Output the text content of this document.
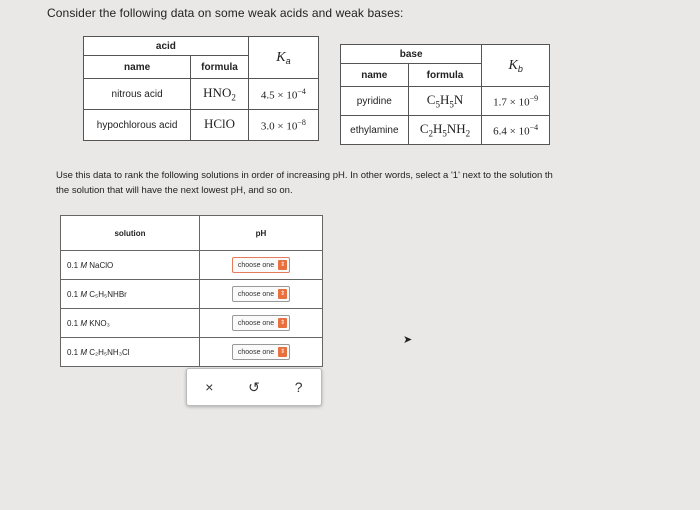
Consider the following data on some weak acids and weak bases:
acid		$K_a$
name	formula	
nitrous acid	$HNO_2$	$4.5 \times 10^{-4}$
hypochlorous acid	HClO	$3.0 \times 10^{-8}$
base		$K_b$
name	formula	
pyridine	$C_5H_5N$	$1.7 \times 10^{-9}$
ethylamine	$C_2H_5NH_2$	$6.4 \times 10^{-4}$
Use this data to rank the following solutions in order of increasing pH. In other words, select a '1' next to the solution th
the solution that will have the next lowest pH, and so on.
solution	pH
0.1 M NaClO	choose one ⇕

0.1 M C₅H₅NHBr	choose one ⇕

0.1 M KNO₃	choose one ⇕

0.1 M C₂H₅NH₃Cl	choose one ⇕
×	↺	?
➤
